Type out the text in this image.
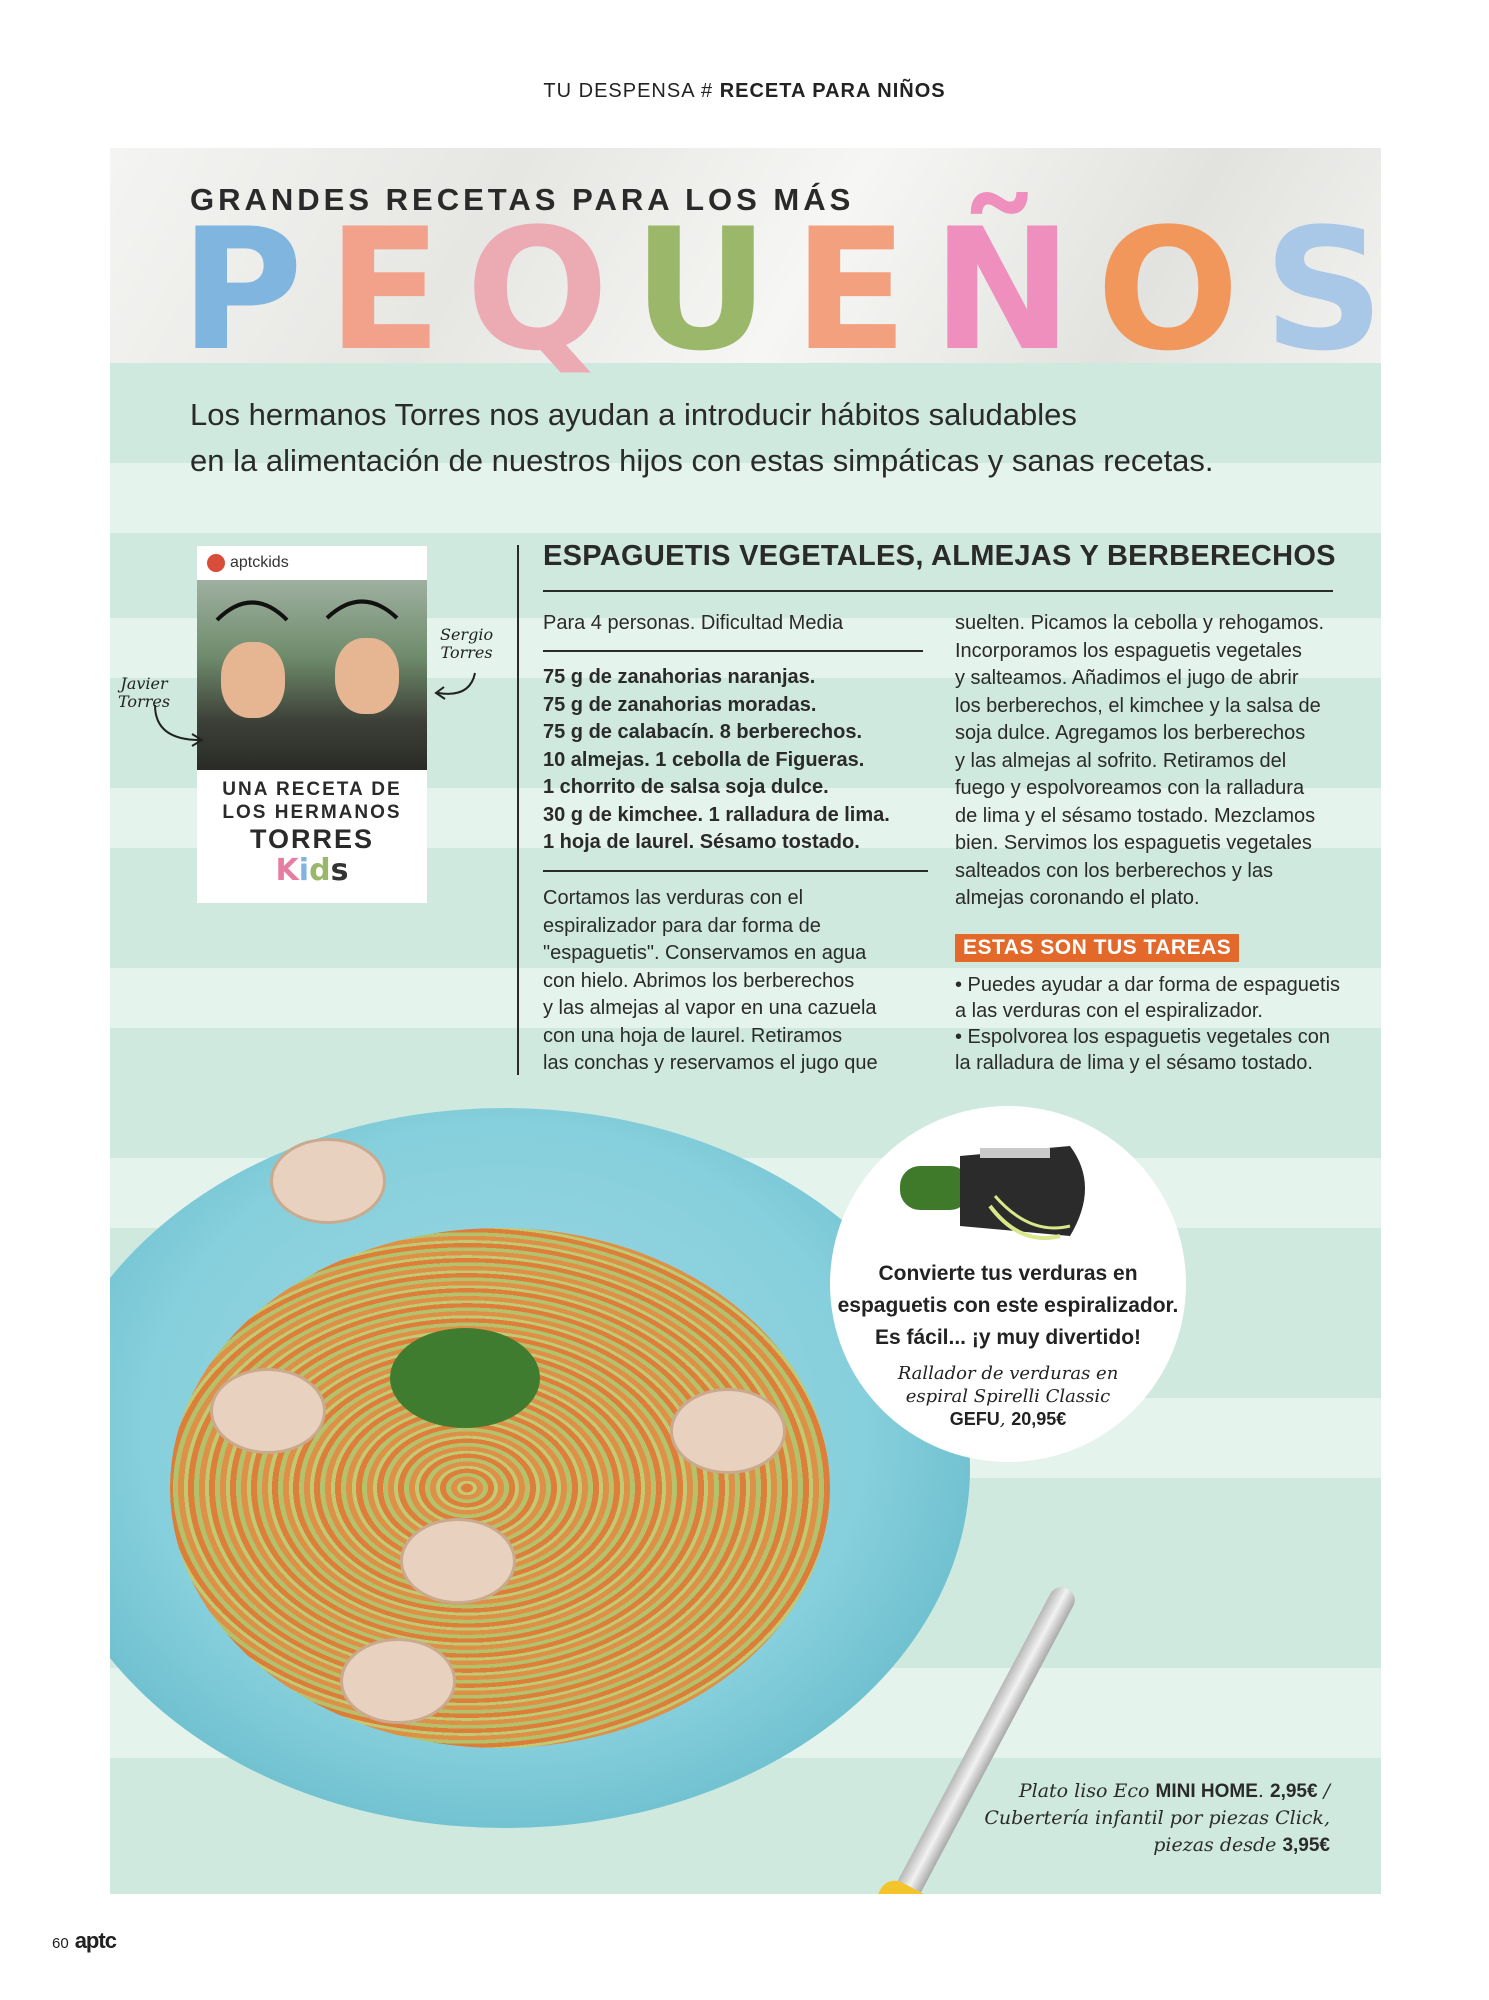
TU DESPENSA # RECETA PARA NIÑOS
GRANDES RECETAS PARA LOS MÁS
P E Q U E Ñ O S
Los hermanos Torres nos ayudan a introducir hábitos saludables
en la alimentación de nuestros hijos con estas simpáticas y sanas recetas.
aptckids
UNA RECETA DE
LOS HERMANOS
TORRES
Kids
Javier
Torres
Sergio
Torres
ESPAGUETIS VEGETALES, ALMEJAS Y BERBERECHOS
Para 4 personas. Dificultad Media
75 g de zanahorias naranjas.
75 g de zanahorias moradas.
75 g de calabacín. 8 berberechos.
10 almejas. 1 cebolla de Figueras.
1 chorrito de salsa soja dulce.
30 g de kimchee. 1 ralladura de lima.
1 hoja de laurel. Sésamo tostado.
Cortamos las verduras con el
espiralizador para dar forma de
"espaguetis". Conservamos en agua
con hielo. Abrimos los berberechos
y las almejas al vapor en una cazuela
con una hoja de laurel. Retiramos
las conchas y reservamos el jugo que
suelten. Picamos la cebolla y rehogamos.
Incorporamos los espaguetis vegetales
y salteamos. Añadimos el jugo de abrir
los berberechos, el kimchee y la salsa de
soja dulce. Agregamos los berberechos
y las almejas al sofrito. Retiramos del
fuego y espolvoreamos con la ralladura
de lima y el sésamo tostado. Mezclamos
bien. Servimos los espaguetis vegetales
salteados con los berberechos y las
almejas coronando el plato.
ESTAS SON TUS TAREAS
• Puedes ayudar a dar forma de espaguetis
a las verduras con el espiralizador.
• Espolvorea los espaguetis vegetales con
la ralladura de lima y el sésamo tostado.
Convierte tus verduras en
espaguetis con este espiralizador.
Es fácil... ¡y muy divertido!
Rallador de verduras en
espiral Spirelli Classic
GEFU, 20,95€
Plato liso Eco MINI HOME. 2,95€ /
Cubertería infantil por piezas Click,
piezas desde 3,95€
60 aptc
